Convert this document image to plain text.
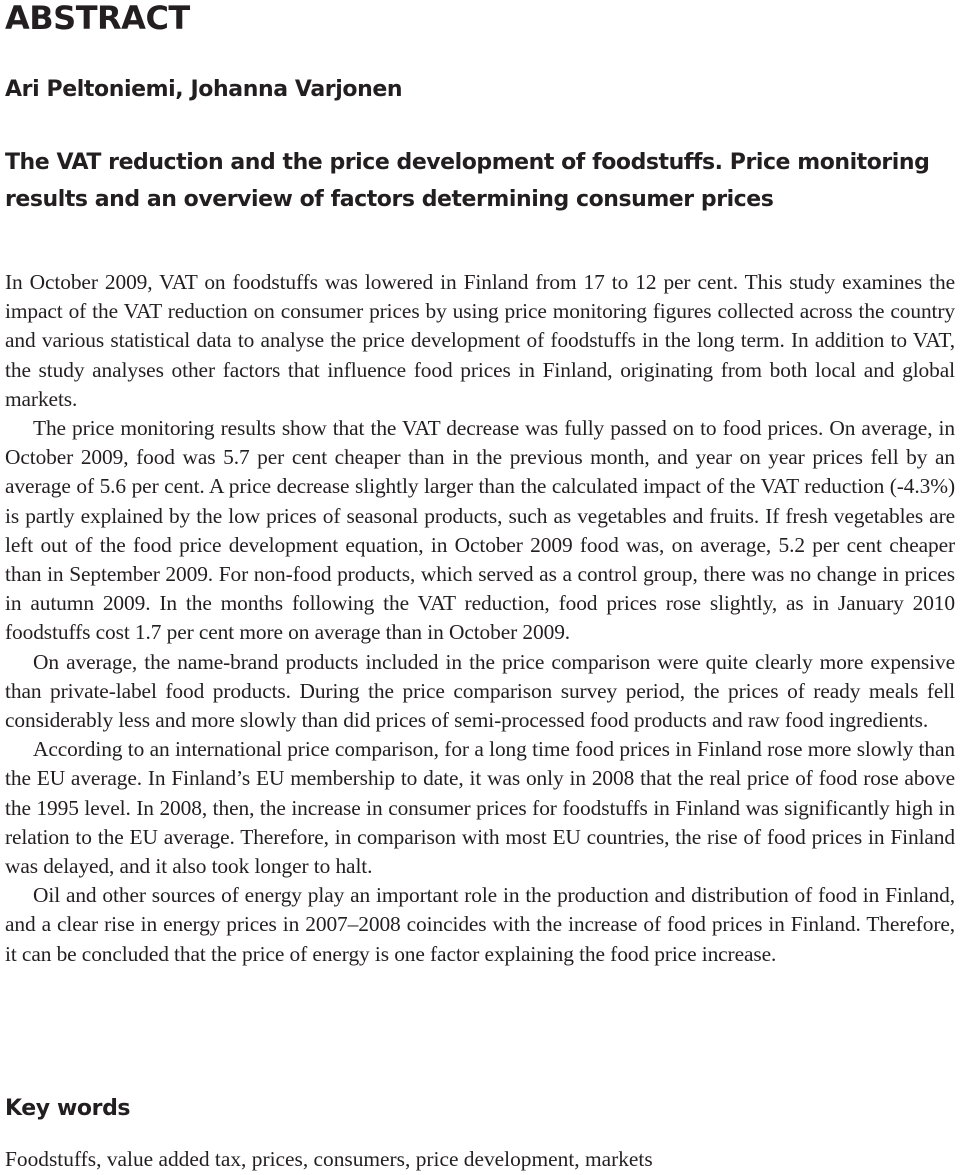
ABSTRACT
Ari Peltoniemi, Johanna Varjonen
The VAT reduction and the price development of foodstuffs. Price monitoring results and an overview of factors determining consumer prices

In October 2009, VAT on foodstuffs was lowered in Finland from 17 to 12 per cent. This study examines the impact of the VAT reduction on consumer prices by using price monitoring figures collected across the country and various statistical data to analyse the price development of foodstuffs in the long term. In addition to VAT, the study analyses other factors that influence food prices in Finland, originating from both local and global markets.

The price monitoring results show that the VAT decrease was fully passed on to food prices. On average, in October 2009, food was 5.7 per cent cheaper than in the previous month, and year on year prices fell by an average of 5.6 per cent. A price decrease slightly larger than the calculated impact of the VAT reduction (-4.3%) is partly explained by the low prices of seasonal products, such as vegetables and fruits. If fresh vegetables are left out of the food price development equation, in October 2009 food was, on average, 5.2 per cent cheaper than in September 2009. For non-food products, which served as a control group, there was no change in prices in autumn 2009. In the months following the VAT reduction, food prices rose slightly, as in January 2010 foodstuffs cost 1.7 per cent more on average than in October 2009.

On average, the name-brand products included in the price comparison were quite clearly more expensive than private-label food products. During the price comparison survey period, the prices of ready meals fell considerably less and more slowly than did prices of semi-processed food products and raw food ingredients.

According to an international price comparison, for a long time food prices in Finland rose more slowly than the EU average. In Finland’s EU membership to date, it was only in 2008 that the real price of food rose above the 1995 level. In 2008, then, the increase in consumer prices for foodstuffs in Finland was significantly high in relation to the EU average. Therefore, in comparison with most EU countries, the rise of food prices in Finland was delayed, and it also took longer to halt.

Oil and other sources of energy play an important role in the production and distribution of food in Finland, and a clear rise in energy prices in 2007–2008 coincides with the increase of food prices in Finland. Therefore, it can be concluded that the price of energy is one factor explaining the food price increase.

Key words
Foodstuffs, value added tax, prices, consumers, price development, markets
